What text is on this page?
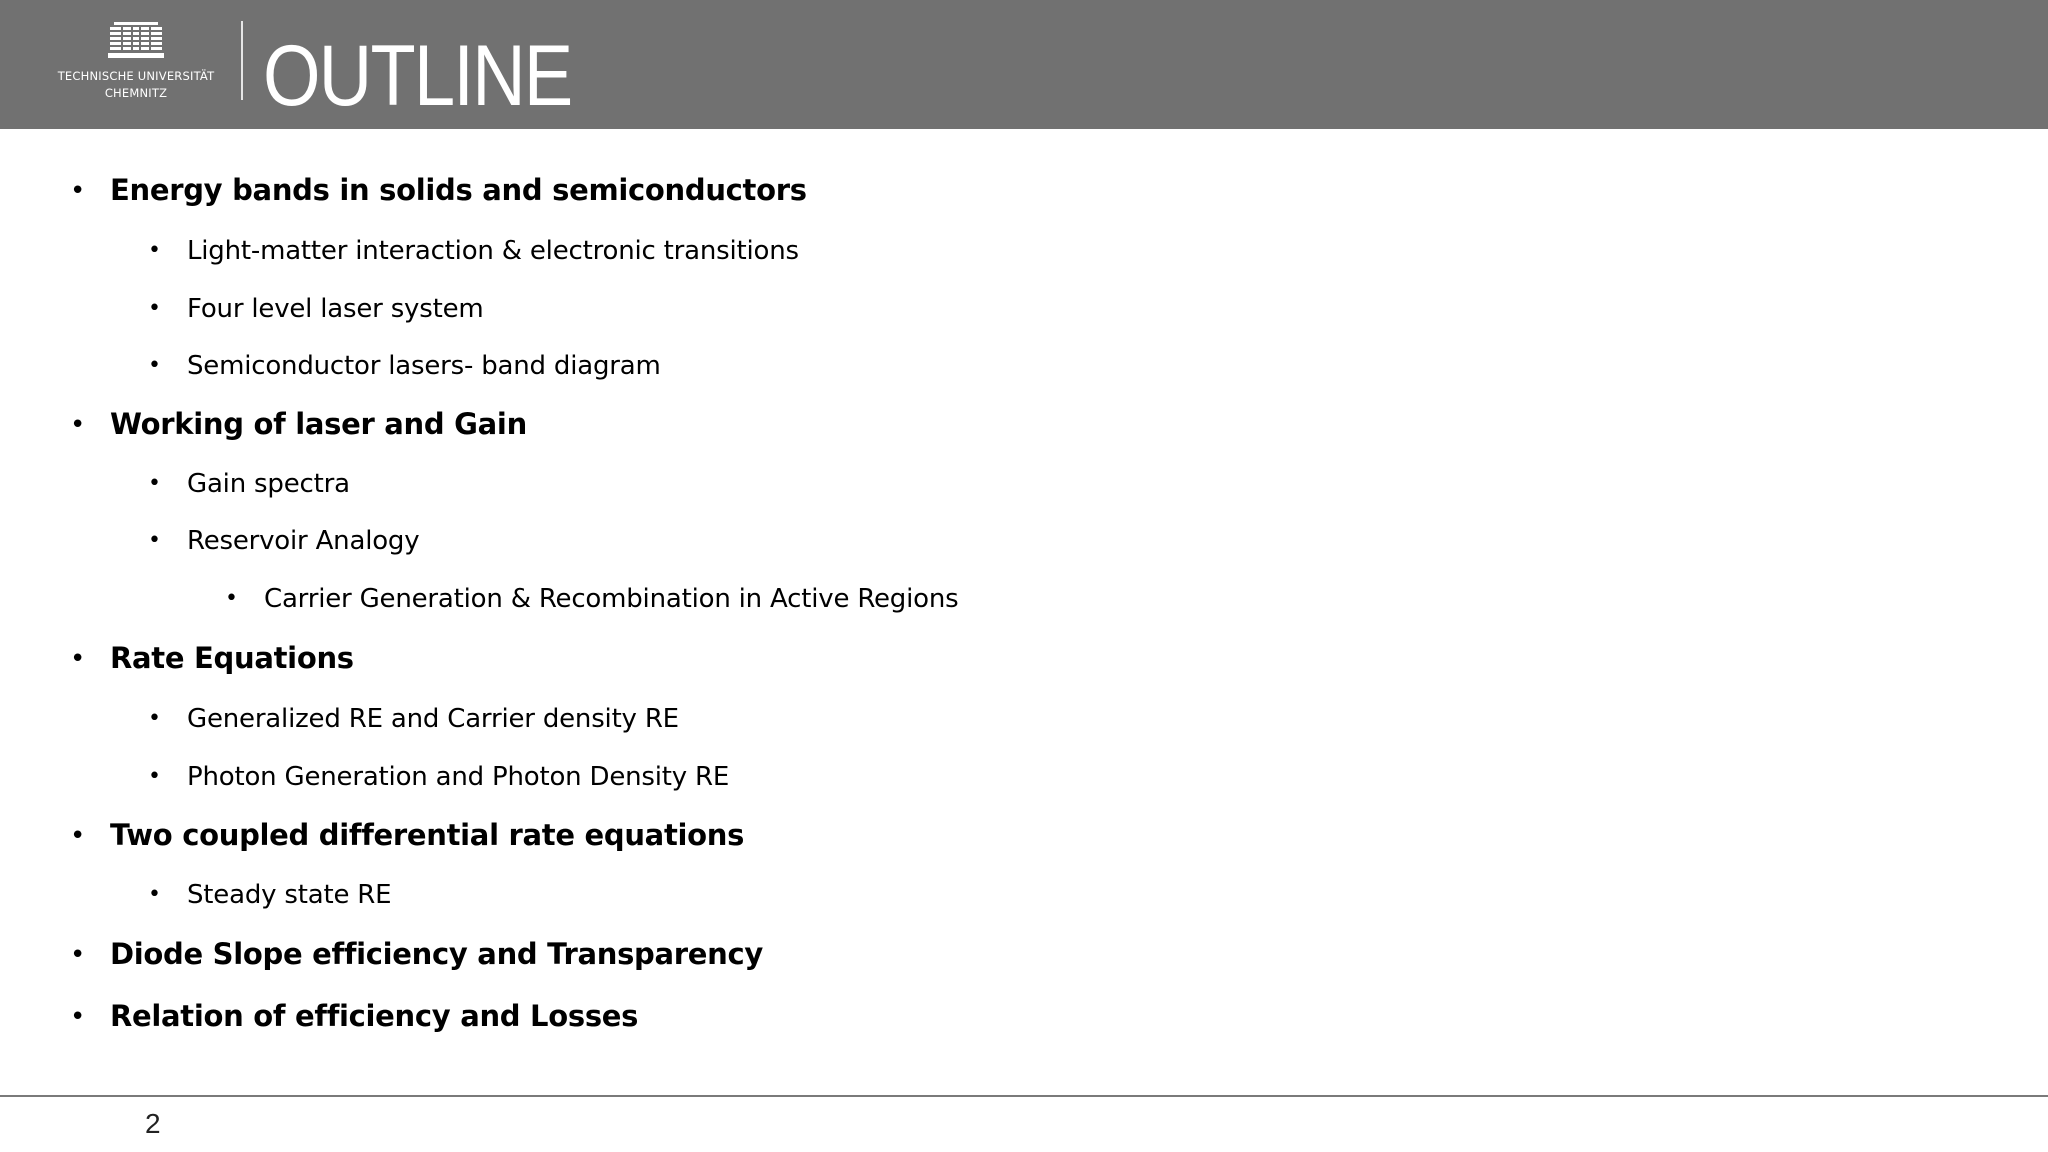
TECHNISCHE UNIVERSITÄT
CHEMNITZ	OUTLINE
• Energy bands in solids and semiconductors
• Light-matter interaction & electronic transitions
• Four level laser system
• Semiconductor lasers- band diagram
• Working of laser and Gain
• Gain spectra
• Reservoir Analogy
• Carrier Generation & Recombination in Active Regions
• Rate Equations
• Generalized RE and Carrier density RE
• Photon Generation and Photon Density RE
• Two coupled differential rate equations
• Steady state RE
• Diode Slope efficiency and Transparency
• Relation of efficiency and Losses
2
